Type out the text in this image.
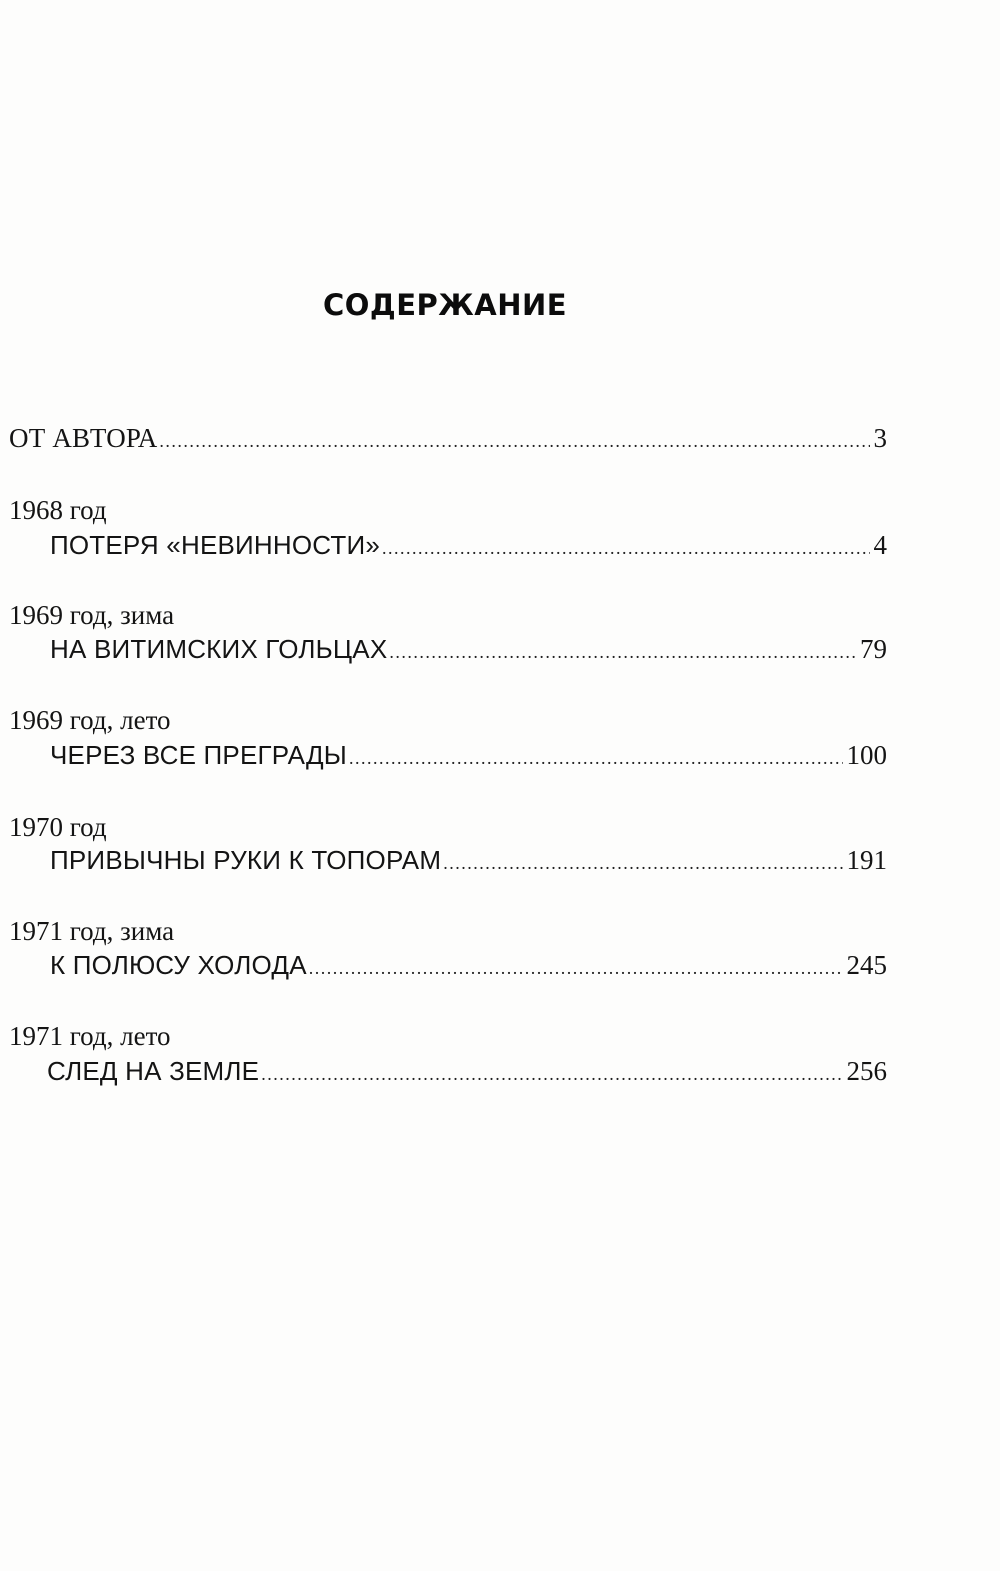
СОДЕРЖАНИЕ
ОТ АВТОРА .....	3
1968 год
ПОТЕРЯ «НЕВИННОСТИ» .....	4
1969 год, зима
НА ВИТИМСКИХ ГОЛЬЦАХ .....	79
1969 год, лето
ЧЕРЕЗ ВСЕ ПРЕГРАДЫ .....	100
1970 год
ПРИВЫЧНЫ РУКИ К ТОПОРАМ .....	191
1971 год, зима
К ПОЛЮСУ ХОЛОДА .....	245
1971 год, лето
СЛЕД НА ЗЕМЛЕ .....	256
